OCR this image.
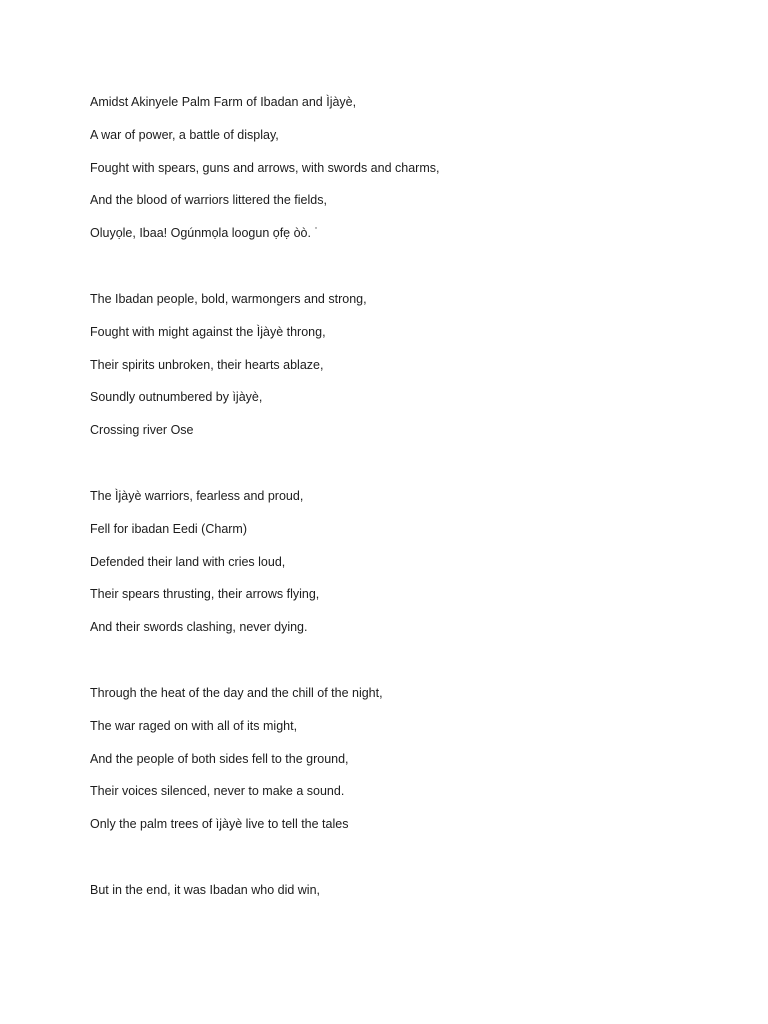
Amidst Akinyele Palm Farm of Ibadan and Ìjàyè,
A war of power, a battle of display,
Fought with spears, guns and arrows, with swords and charms,
And the blood of warriors littered the fields,
Oluyọle, Ibaa! Ogúnmọla loogun ọfẹ òò. ˙
The Ibadan people, bold, warmongers and strong,
Fought with might against the Ìjàyè throng,
Their spirits unbroken, their hearts ablaze,
Soundly outnumbered by ìjàyè,
Crossing river Ose
The Ìjàyè warriors, fearless and proud,
Fell for ibadan Eedi (Charm)
Defended their land with cries loud,
Their spears thrusting, their arrows flying,
And their swords clashing, never dying.
Through the heat of the day and the chill of the night,
The war raged on with all of its might,
And the people of both sides fell to the ground,
Their voices silenced, never to make a sound.
Only the palm trees of ìjàyè live to tell the tales
But in the end, it was Ibadan who did win,
